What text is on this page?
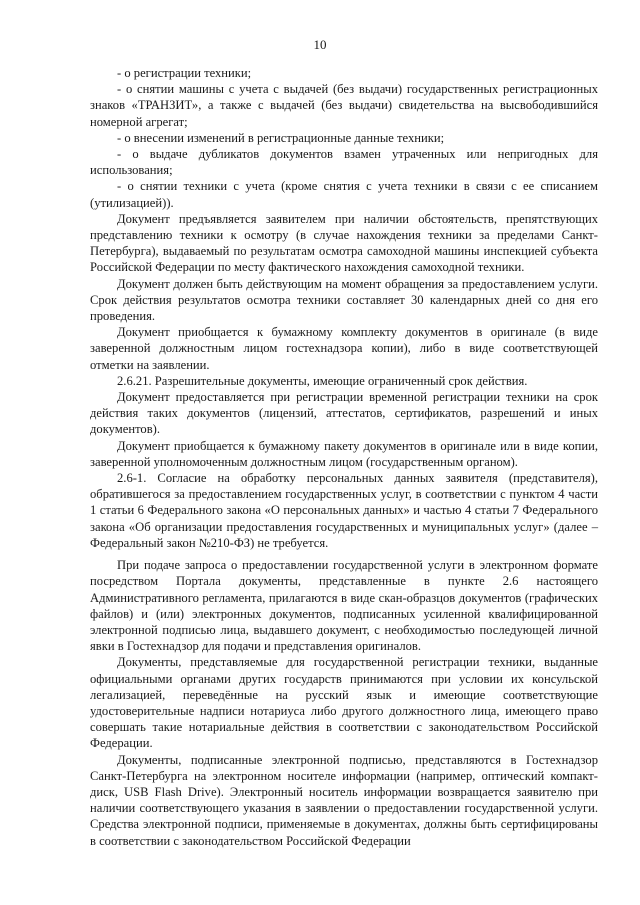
10

- о регистрации техники;

- о снятии машины с учета с выдачей (без выдачи) государственных регистрационных знаков «ТРАНЗИТ», а также с выдачей (без выдачи) свидетельства на высвободившийся номерной агрегат;

- о внесении изменений в регистрационные данные техники;

- о выдаче дубликатов документов взамен утраченных или непригодных для использования;

- о снятии техники с учета (кроме снятия с учета техники в связи с ее списанием (утилизацией)).

Документ предъявляется заявителем при наличии обстоятельств, препятствующих представлению техники к осмотру (в случае нахождения техники за пределами Санкт-Петербурга), выдаваемый по результатам осмотра самоходной машины инспекцией субъекта Российской Федерации по месту фактического нахождения самоходной техники.

Документ должен быть действующим на момент обращения за предоставлением услуги. Срок действия результатов осмотра техники составляет 30 календарных дней со дня его проведения.

Документ приобщается к бумажному комплекту документов в оригинале (в виде заверенной должностным лицом гостехнадзора копии), либо в виде соответствующей отметки на заявлении.

2.6.21. Разрешительные документы, имеющие ограниченный срок действия.

Документ предоставляется при регистрации временной регистрации техники на срок действия таких документов (лицензий, аттестатов, сертификатов, разрешений и иных документов).

Документ приобщается к бумажному пакету документов в оригинале или в виде копии, заверенной уполномоченным должностным лицом (государственным органом).

2.6-1. Согласие на обработку персональных данных заявителя (представителя), обратившегося за предоставлением государственных услуг, в соответствии с пунктом 4 части 1 статьи 6 Федерального закона «О персональных данных» и частью 4 статьи 7 Федерального закона «Об организации предоставления государственных и муниципальных услуг» (далее – Федеральный закон №210-ФЗ) не требуется.

При подаче запроса о предоставлении государственной услуги в электронном формате посредством Портала документы, представленные в пункте 2.6 настоящего Административного регламента, прилагаются в виде скан-образцов документов (графических файлов) и (или) электронных документов, подписанных усиленной квалифицированной электронной подписью лица, выдавшего документ, с необходимостью последующей личной явки в Гостехнадзор для подачи и представления оригиналов.

Документы, представляемые для государственной регистрации техники, выданные официальными органами других государств принимаются при условии их консульской легализацией, переведённые на русский язык и имеющие соответствующие удостоверительные надписи нотариуса либо другого должностного лица, имеющего право совершать такие нотариальные действия в соответствии с законодательством Российской Федерации.

Документы, подписанные электронной подписью, представляются в Гостехнадзор Санкт-Петербурга на электронном носителе информации (например, оптический компакт-диск, USB Flash Drive). Электронный носитель информации возвращается заявителю при наличии соответствующего указания в заявлении о предоставлении государственной услуги. Средства электронной подписи, применяемые в документах, должны быть сертифицированы в соответствии с законодательством Российской Федерации
